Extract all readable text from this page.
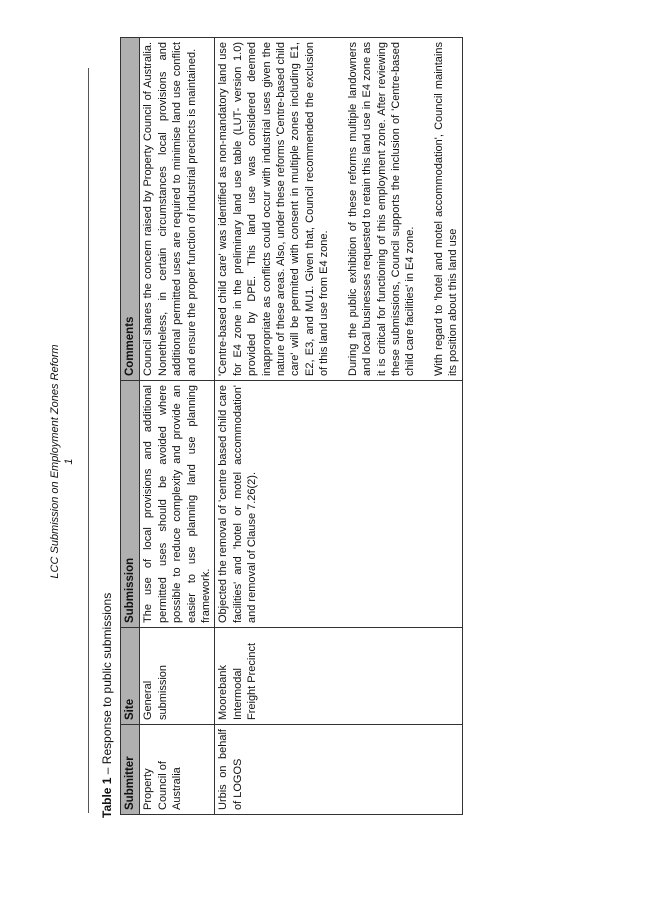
LCC Submission on Employment Zones Reform 1
Table 1 – Response to public submissions
Submitter	Site	Submission	Comments
Property Council of Australia	General submission	The use of local provisions and additional permitted uses should be avoided where possible to reduce complexity and provide an easier to use planning land use planning framework.	Council shares the concern raised by Property Council of Australia. Nonetheless, in certain circumstances local provisions and additional permitted uses are required to minimise land use conflict and ensure the proper function of industrial precincts is maintained.

Urbis on behalf of LOGOS	Moorebank Intermodal Freight Precinct	Objected the removal of 'centre based child care facilities' and 'hotel or motel accommodation' and removal of Clause 7.26(2).	'Centre-based child care' was identified as non-mandatory land use for E4 zone in the preliminary land use table (LUT- version 1.0) provided by DPE. This land use was considered deemed inappropriate as conflicts could occur with industrial uses given the nature of these areas. Also, under these reforms 'Centre-based child care' will be permited with consent in multiple zones including E1, E2, E3, and MU1. Given that, Council recommended the exclusion of this land use from E4 zone. During the public exhibition of these reforms multiple landowners and local businesses requested to retain this land use in E4 zone as it is critical for functioning of this employment zone. After reviewing these submissions, Council supports the inclusion of 'Centre-based child care facilities' in E4 zone. With regard to 'hotel and motel accommodation', Council maintains its position about this land use
